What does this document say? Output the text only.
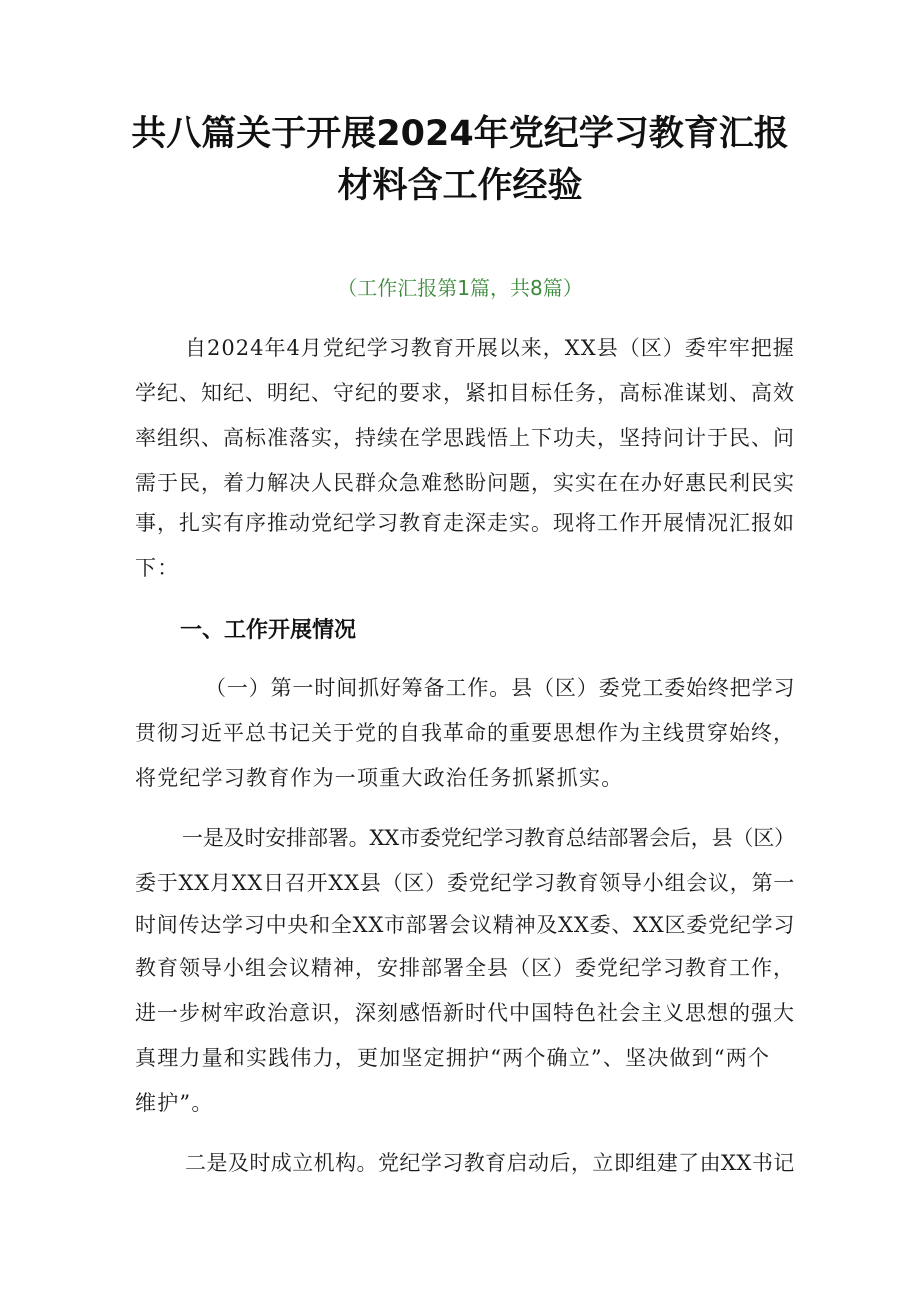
共八篇关于开展2024年党纪学习教育汇报
材料含工作经验
（工作汇报第1篇，共8篇）
自2024年4月党纪学习教育开展以来，XX县（区）委牢牢把握
学纪、知纪、明纪、守纪的要求，紧扣目标任务，高标准谋划、高效
率组织、高标准落实，持续在学思践悟上下功夫，坚持问计于民、问
需于民，着力解决人民群众急难愁盼问题，实实在在办好惠民利民实
事，扎实有序推动党纪学习教育走深走实。现将工作开展情况汇报如
下：
一、工作开展情况
（一）第一时间抓好筹备工作。县（区）委党工委始终把学习
贯彻习近平总书记关于党的自我革命的重要思想作为主线贯穿始终，
将党纪学习教育作为一项重大政治任务抓紧抓实。
一是及时安排部署。XX市委党纪学习教育总结部署会后，县（区）
委于XX月XX日召开XX县（区）委党纪学习教育领导小组会议，第一
时间传达学习中央和全XX市部署会议精神及XX委、XX区委党纪学习
教育领导小组会议精神，安排部署全县（区）委党纪学习教育工作，
进一步树牢政治意识，深刻感悟新时代中国特色社会主义思想的强大
真理力量和实践伟力，更加坚定拥护“两个确立”、坚决做到“两个
维护”。
二是及时成立机构。党纪学习教育启动后，立即组建了由XX书记
